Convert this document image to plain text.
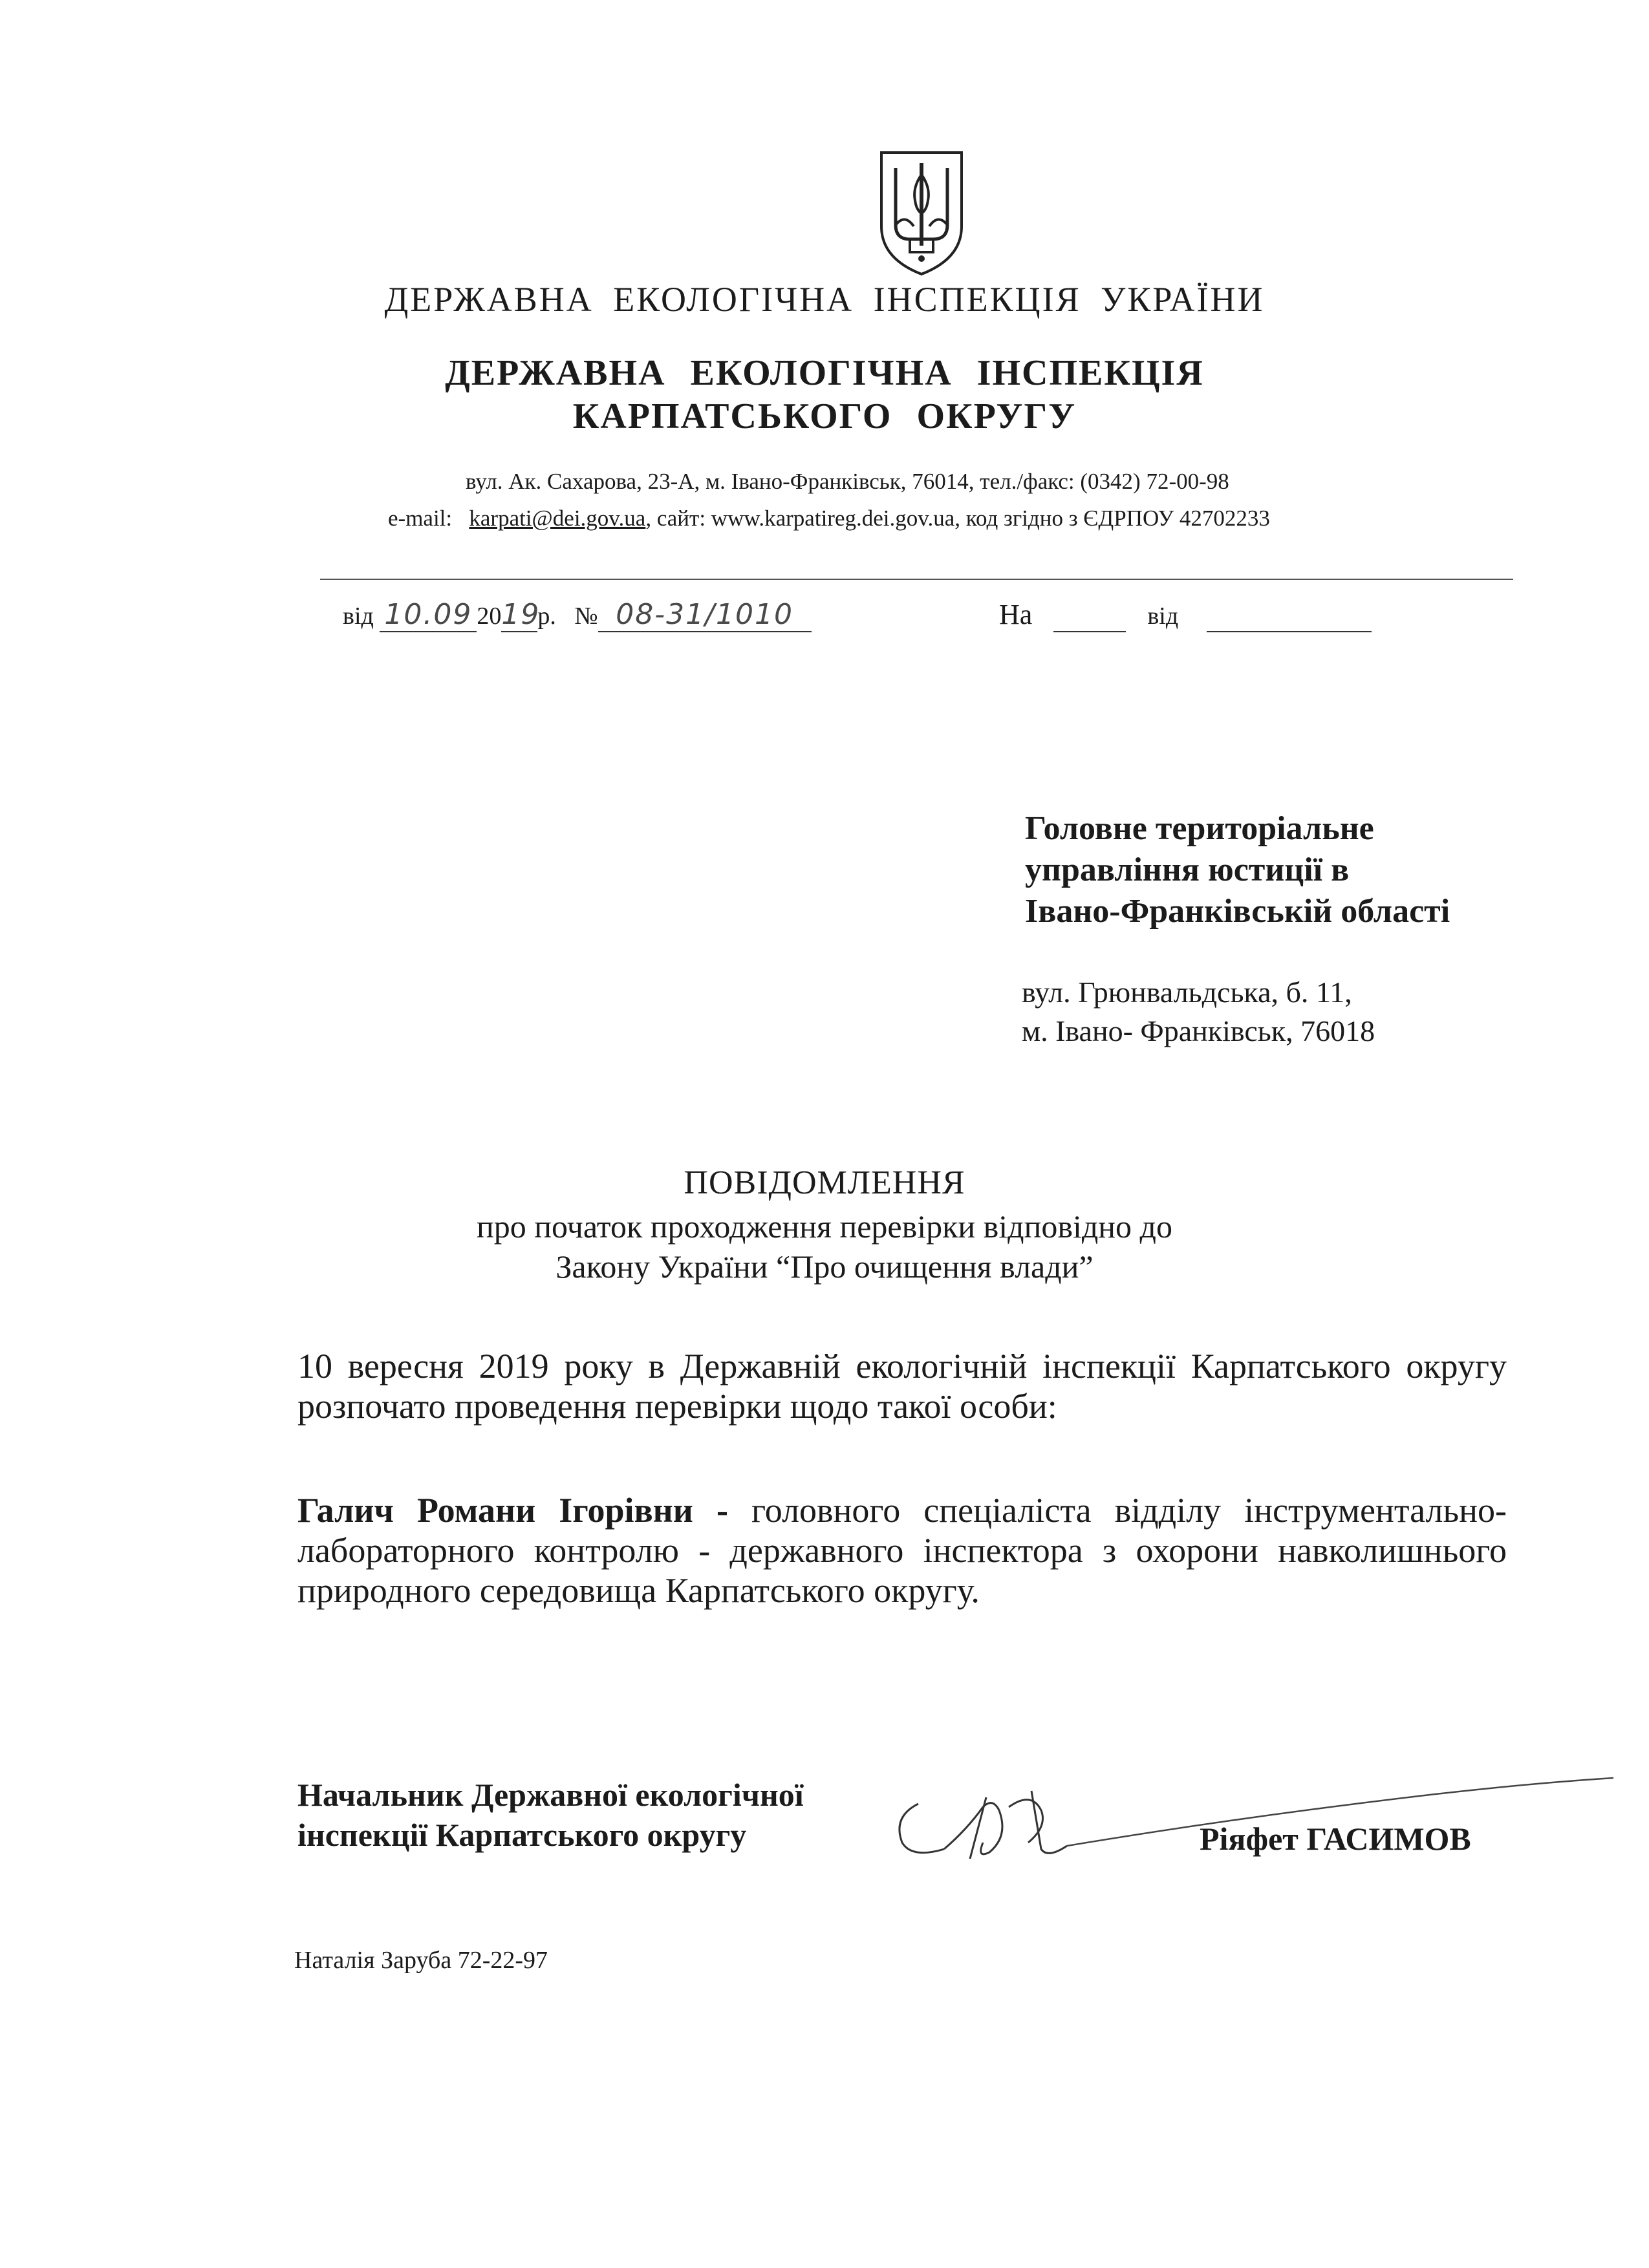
ДЕРЖАВНА ЕКОЛОГІЧНА ІНСПЕКЦІЯ УКРАЇНИ
ДЕРЖАВНА ЕКОЛОГІЧНА ІНСПЕКЦІЯ
КАРПАТСЬКОГО ОКРУГУ
вул. Ак. Сахарова, 23-А, м. Івано-Франківськ, 76014, тел./факс: (0342) 72-00-98
e-mail: karpati@dei.gov.ua, сайт: www.karpatireg.dei.gov.ua, код згідно з ЄДРПОУ 42702233
від 10.09 2019р. № 08-31/1010	На	від
Головне територіальне
управління юстиції в
Івано-Франківській області
вул. Грюнвальдська, б. 11,
м. Івано- Франківськ, 76018
ПОВІДОМЛЕННЯ
про початок проходження перевірки відповідно до
Закону України “Про очищення влади”
10 вересня 2019 року в Державній екологічній інспекції Карпатського округу розпочато проведення перевірки щодо такої особи:
Галич Романи Ігорівни - головного спеціаліста відділу інструментально-лабораторного контролю - державного інспектора з охорони навколишнього природного середовища Карпатського округу.
Начальник Державної екологічної
інспекції Карпатського округу	Ріяфет ГАСИМОВ
Наталія Заруба 72-22-97
